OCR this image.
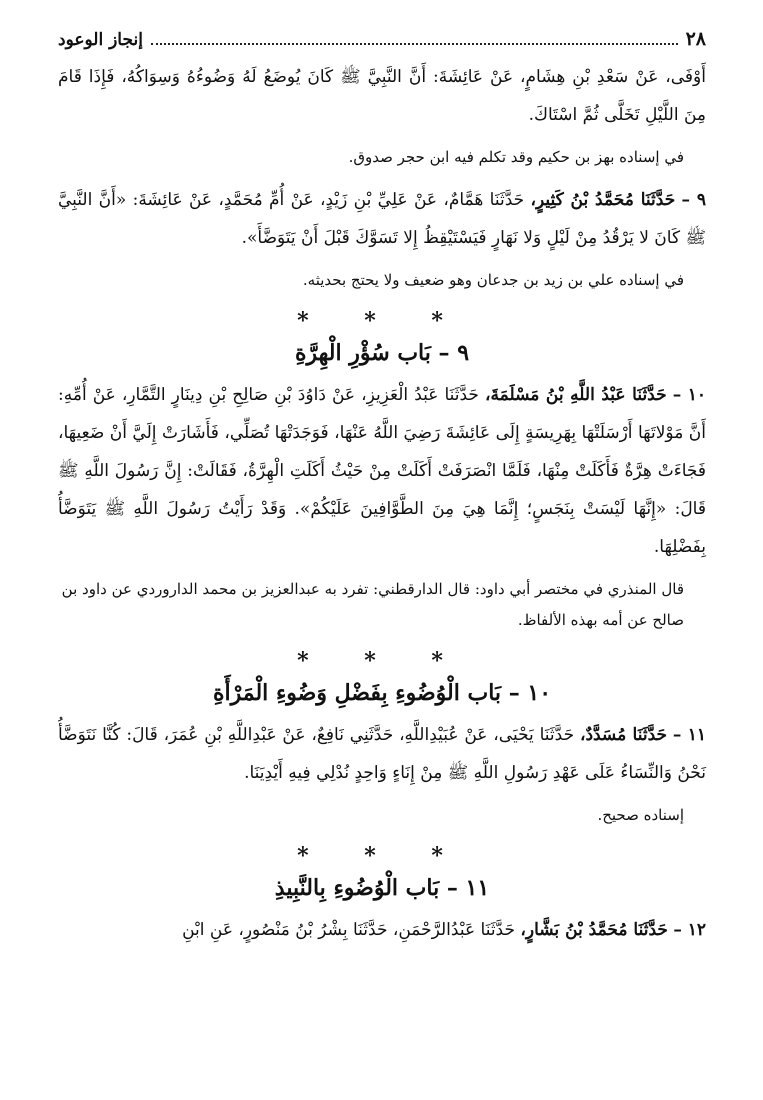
٢٨
إنجاز الوعود

أَوْفَى، عَنْ سَعْدِ بْنِ هِشَامٍ، عَنْ عَائِشَةَ: أَنَّ النَّبِيَّ ﷺ كَانَ يُوضَعُ لَهُ وَضُوءُهُ وَسِوَاكُهُ، فَإِذَا قَامَ مِنَ اللَّيْلِ تَخَلَّى ثُمَّ اسْتَاكَ.

في إسناده بهز بن حكيم وقد تكلم فيه ابن حجر صدوق.

٩ – حَدَّثَنَا مُحَمَّدُ بْنُ كَثِيرٍ، حَدَّثَنَا هَمَّامٌ، عَنْ عَلِيِّ بْنِ زَيْدٍ، عَنْ أُمِّ مُحَمَّدٍ، عَنْ عَائِشَةَ: «أَنَّ النَّبِيَّ ﷺ كَانَ لا يَرْقُدُ مِنْ لَيْلٍ وَلا نَهَارٍ فَيَسْتَيْقِظُ إِلا تَسَوَّكَ قَبْلَ أَنْ يَتَوَضَّأَ».

في إسناده علي بن زيد بن جدعان وهو ضعيف ولا يحتج بحديثه.

* * *
٩ – بَاب سُؤْرِ الْهِرَّةِ

١٠ – حَدَّثَنَا عَبْدُ اللَّهِ بْنُ مَسْلَمَةَ، حَدَّثَنَا عَبْدُ الْعَزِيزِ، عَنْ دَاوُدَ بْنِ صَالِحِ بْنِ دِينَارٍ التَّمَّارِ، عَنْ أُمِّهِ: أَنَّ مَوْلاتَهَا أَرْسَلَتْهَا بِهَرِيسَةٍ إِلَى عَائِشَةَ رَضِيَ اللَّهُ عَنْهَا، فَوَجَدَتْهَا تُصَلِّي، فَأَشَارَتْ إِلَيَّ أَنْ ضَعِيهَا، فَجَاءَتْ هِرَّةٌ فَأَكَلَتْ مِنْهَا، فَلَمَّا انْصَرَفَتْ أَكَلَتْ مِنْ حَيْثُ أَكَلَتِ الْهِرَّةُ، فَقَالَتْ: إِنَّ رَسُولَ اللَّهِ ﷺ قَالَ: «إِنَّهَا لَيْسَتْ بِنَجَسٍ؛ إِنَّمَا هِيَ مِنَ الطَّوَّافِينَ عَلَيْكُمْ». وَقَدْ رَأَيْتُ رَسُولَ اللَّهِ ﷺ يَتَوَضَّأُ بِفَضْلِهَا.

قال المنذري في مختصر أبي داود: قال الدارقطني: تفرد به عبدالعزيز بن محمد الداروردي عن داود بن صالح عن أمه بهذه الألفاظ.

* * *
١٠ – بَاب الْوُضُوءِ بِفَضْلِ وَضُوءِ الْمَرْأَةِ

١١ – حَدَّثَنَا مُسَدَّدٌ، حَدَّثَنَا يَحْيَى، عَنْ عُبَيْدِاللَّهِ، حَدَّثَنِي نَافِعٌ، عَنْ عَبْدِاللَّهِ بْنِ عُمَرَ، قَالَ: كُنَّا نَتَوَضَّأُ نَحْنُ وَالنِّسَاءُ عَلَى عَهْدِ رَسُولِ اللَّهِ ﷺ مِنْ إِنَاءٍ وَاحِدٍ نُدْلِي فِيهِ أَيْدِيَنَا.

إسناده صحيح.

* * *
١١ – بَاب الْوُضُوءِ بِالنَّبِيذِ

١٢ – حَدَّثَنَا مُحَمَّدُ بْنُ بَشَّارٍ، حَدَّثَنَا عَبْدُالرَّحْمَنِ، حَدَّثَنَا بِشْرُ بْنُ مَنْصُورٍ، عَنِ ابْنِ
